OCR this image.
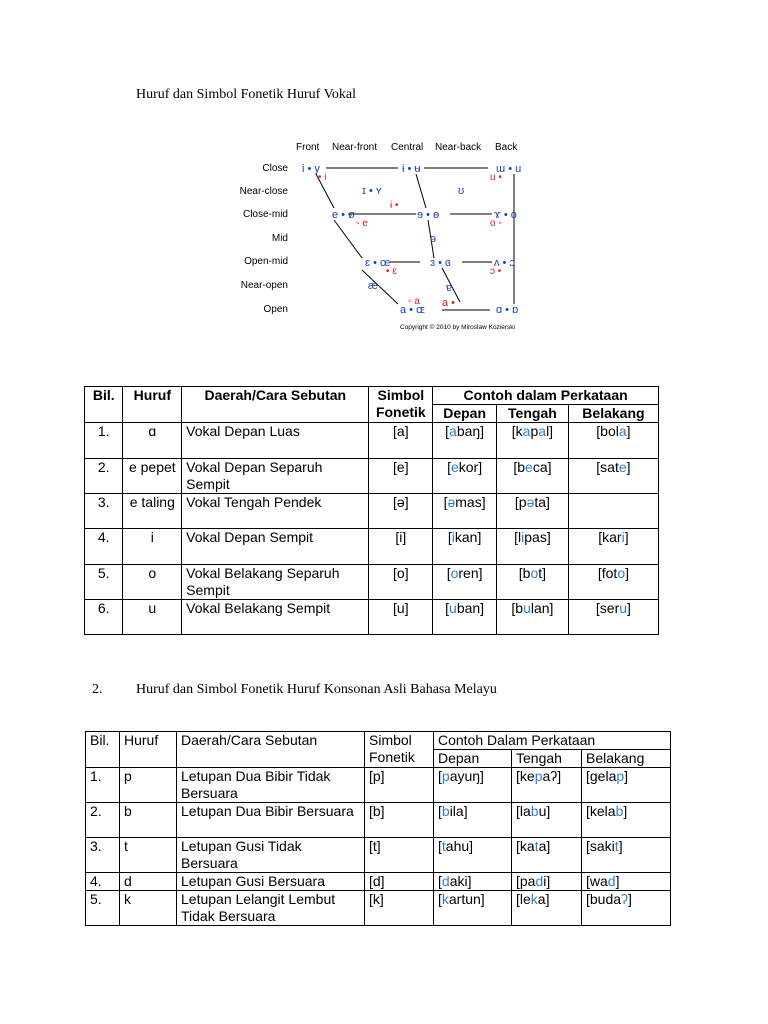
Huruf dan Simbol Fonetik Huruf Vokal
Front Near-front Central Near-back Back
Close
Near-close
Close-mid
Mid
Open-mid
Near-open
Open
i • y	ɨ • ʉ	ɯ • u
ɪ • ʏ	ʊ
e • ø	ɘ • ɵ	ɤ • o
ə
ɛ • œ	ɜ • ɞ	ʌ • ɔ
æ	ɐ
a • ɶ	ɑ • ɒ
• i	u •
ɨ •
◦ e	o ◦
• ɛ	ɔ •
◦ a a •
Copyright © 2010 by Miroslaw Kozierski
Bil.	Huruf	Daerah/Cara Sebutan	Simbol Fonetik	Contoh dalam Perkataan		
				Depan	Tengah	Belakang
1.	ɑ	Vokal Depan Luas	[a]	[abaŋ]	[kapal]	[bola]
2.	e pepet	Vokal Depan Separuh Sempit	[e]	[ekor]	[beca]	[sate]
3.	e taling	Vokal Tengah Pendek	[ə]	[əmas]	[pəta]	
4.	i	Vokal Depan Sempit	[i]	[ikan]	[lipas]	[kari]
5.	o	Vokal Belakang Separuh Sempit	[o]	[oren]	[bot]	[foto]
6.	u	Vokal Belakang Sempit	[u]	[uban]	[bulan]	[seru]
2. Huruf dan Simbol Fonetik Huruf Konsonan Asli Bahasa Melayu
Bil.	Huruf	Daerah/Cara Sebutan	Simbol Fonetik	Contoh Dalam Perkataan		
				Depan	Tengah	Belakang
1.	p	Letupan Dua Bibir Tidak Bersuara	[p]	[payuŋ]	[kepaʔ]	[gelap]
2.	b	Letupan Dua Bibir Bersuara	[b]	[bila]	[labu]	[kelab]
3.	t	Letupan Gusi Tidak Bersuara	[t]	[tahu]	[kata]	[sakit]
4.	d	Letupan Gusi Bersuara	[d]	[daki]	[padi]	[wad]
5.	k	Letupan Lelangit Lembut Tidak Bersuara	[k]	[kartun]	[leka]	[budaʔ]
